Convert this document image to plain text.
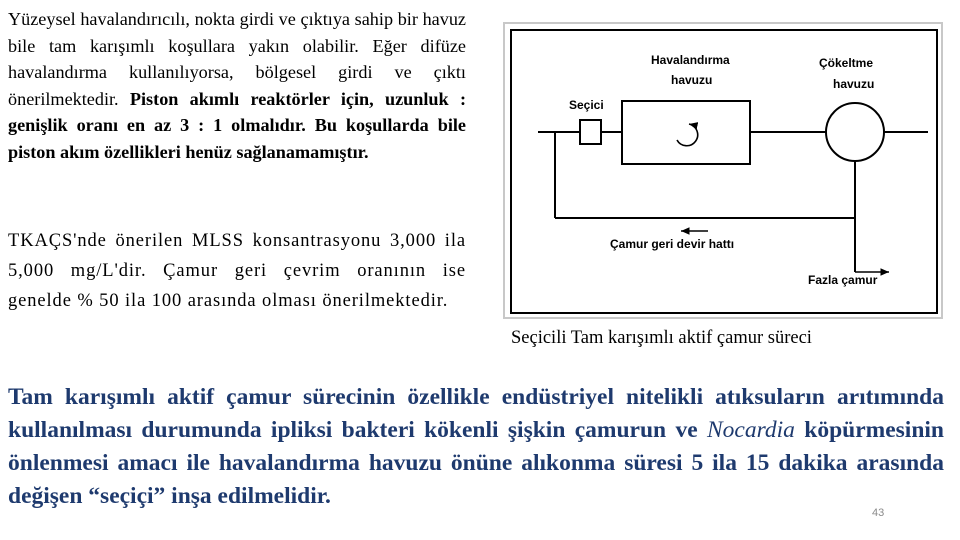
Yüzeysel havalandırıcılı, nokta girdi ve çıktıya sahip bir havuz bile tam karışımlı koşullara yakın olabilir. Eğer difüze havalandırma kullanılıyorsa, bölgesel girdi ve çıktı önerilmektedir. Piston akımlı reaktörler için, uzunluk : genişlik oranı en az 3 : 1 olmalıdır. Bu koşullarda bile piston akım özellikleri henüz sağlanamamıştır.

TKAÇS'nde önerilen MLSS konsantrasyonu 3,000 ila 5,000 mg/L'dir. Çamur geri çevrim oranının ise genelde % 50 ila 100 arasında olması önerilmektedir.

Havalandırma
havuzu
Çökeltme
havuzu
Seçici
Çamur geri devir hattı
Fazla çamur

Seçicili Tam karışımlı aktif çamur süreci

Tam karışımlı aktif çamur sürecinin özellikle endüstriyel nitelikli atıksuların arıtımında kullanılması durumunda ipliksi bakteri kökenli şişkin çamurun ve Nocardia köpürmesinin önlenmesi amacı ile havalandırma havuzu önüne alıkonma süresi 5 ila 15 dakika arasında değişen “seçiçi” inşa edilmelidir.

43
